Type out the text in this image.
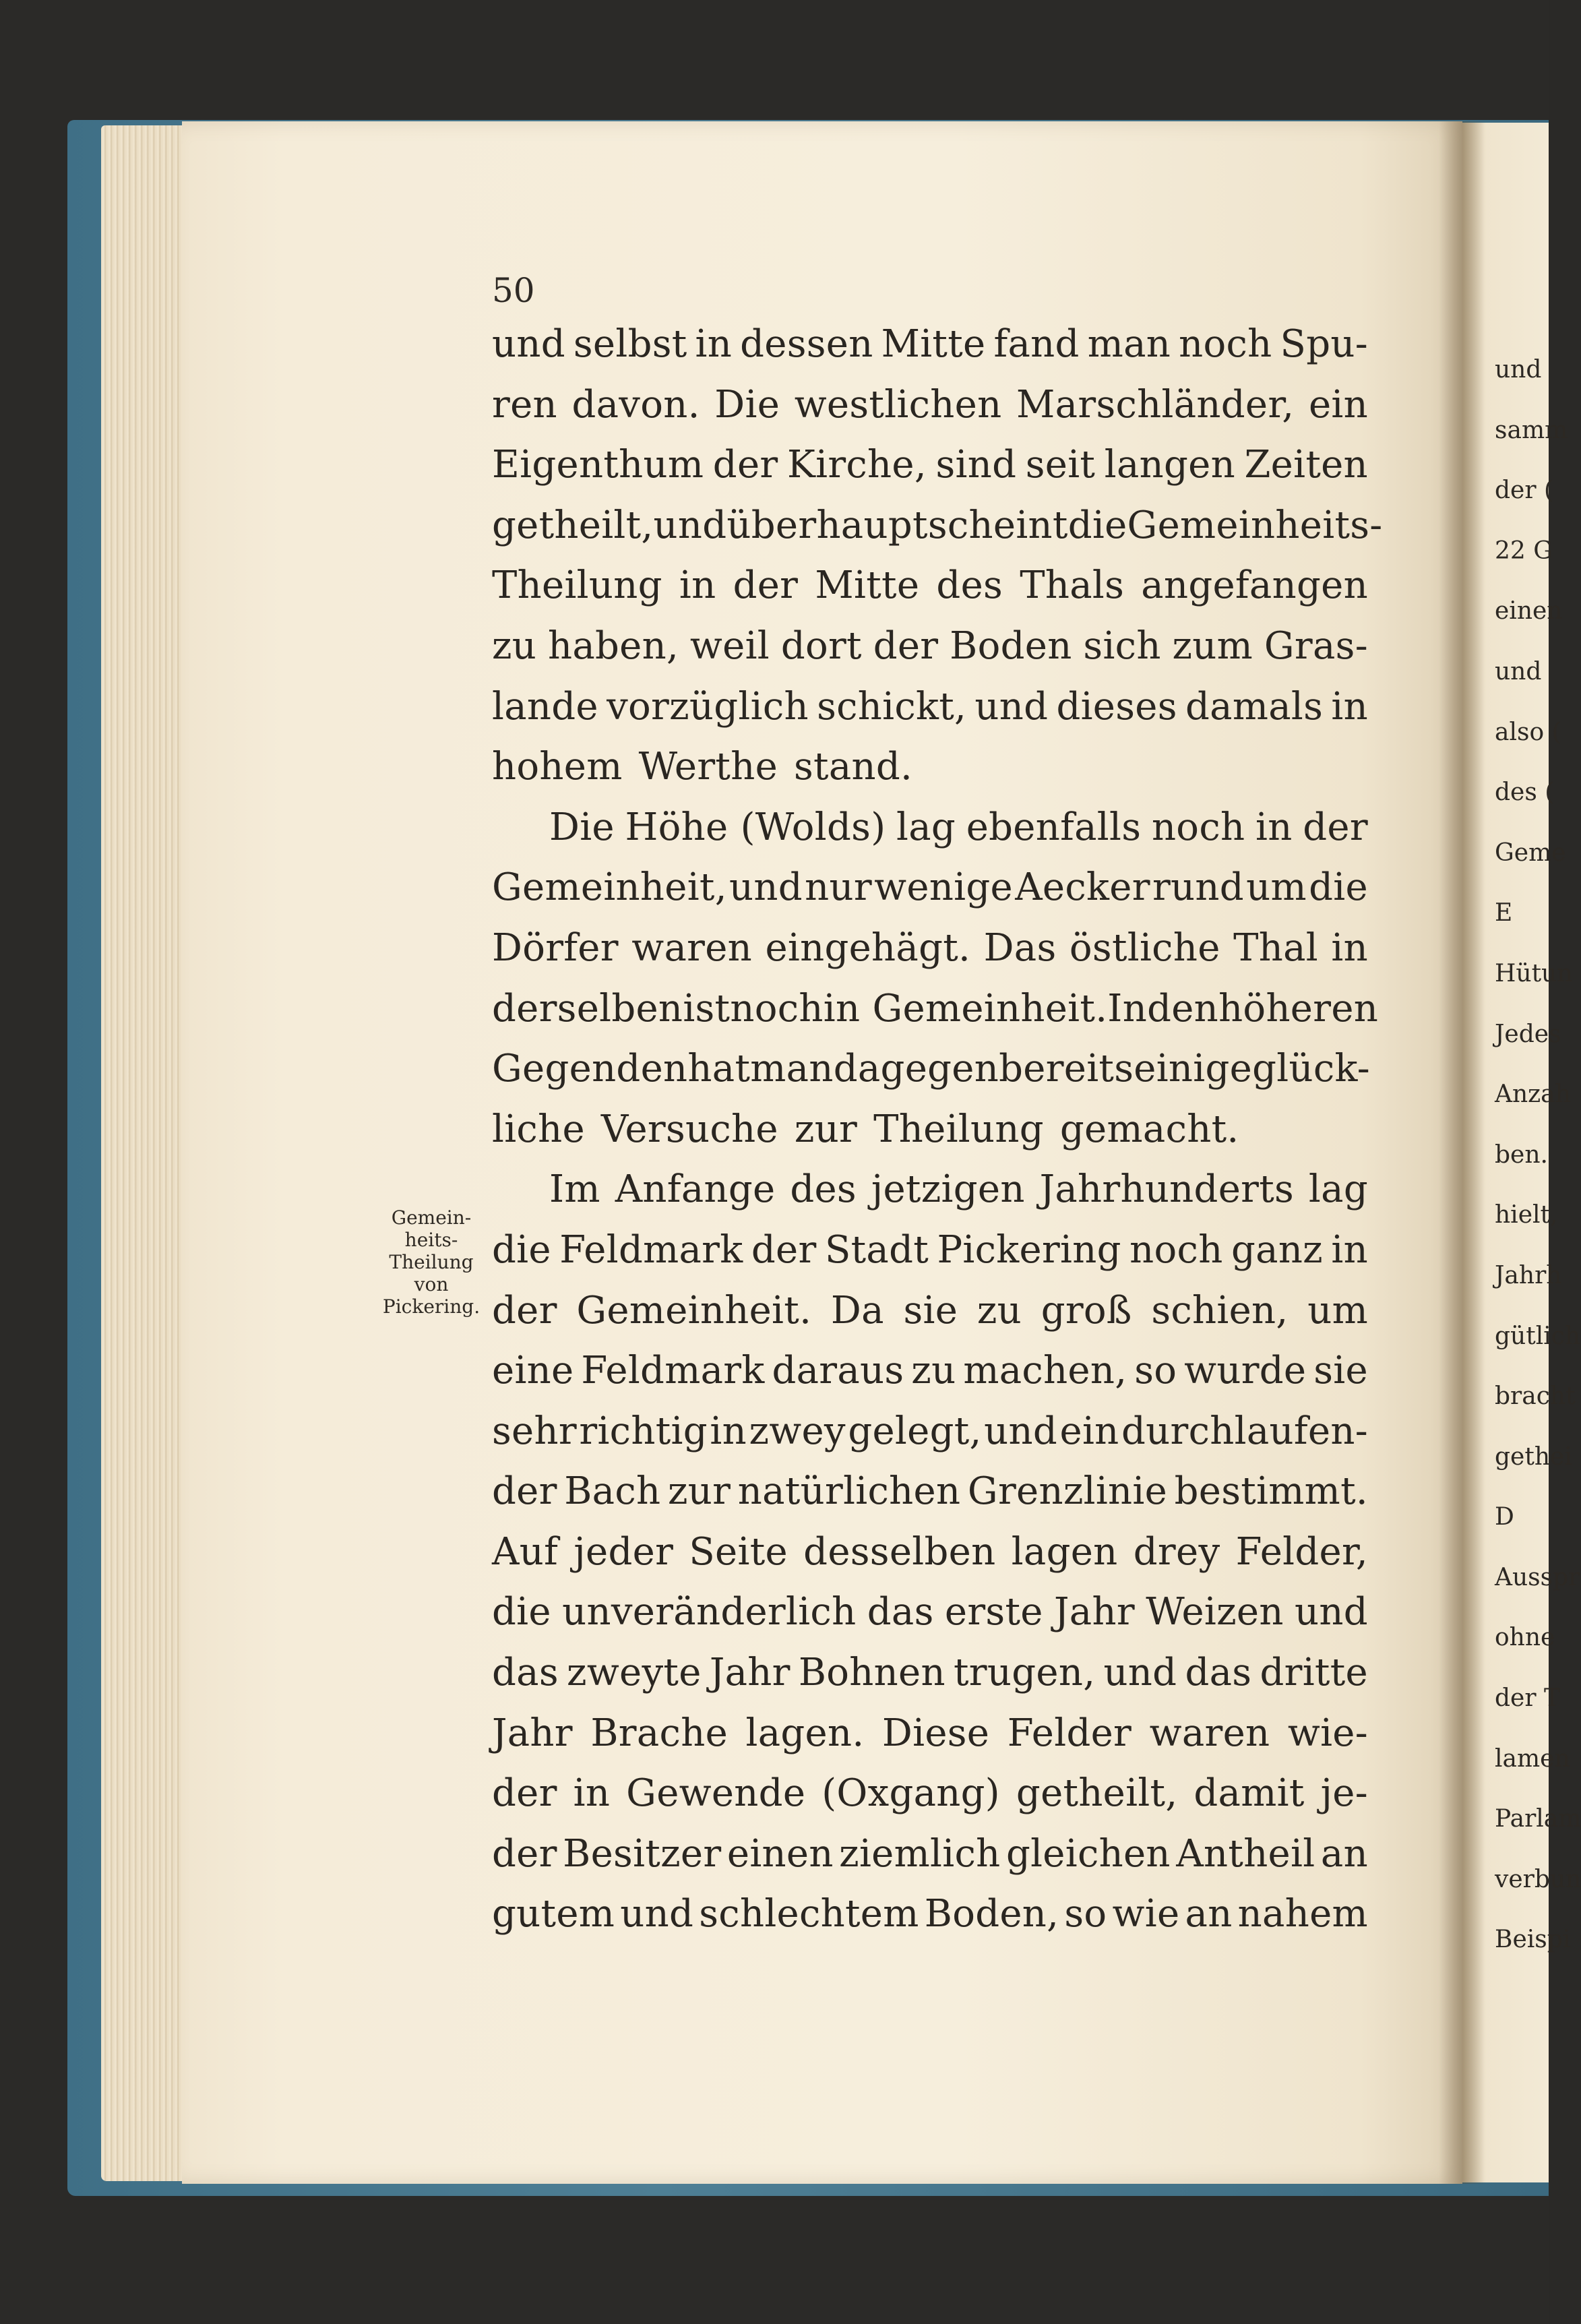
50
und selbst in dessen Mitte fand man noch Spu-
ren davon. Die westlichen Marschländer, ein
Eigenthum der Kirche, sind seit langen Zeiten
getheilt, und überhaupt scheint die Gemeinheits-
Theilung in der Mitte des Thals angefangen
zu haben, weil dort der Boden sich zum Gras-
lande vorzüglich schickt, und dieses damals in
hohem Werthe stand.
Die Höhe (Wolds) lag ebenfalls noch in der
Gemeinheit, und nur wenige Aecker rund um die
Dörfer waren eingehägt. Das östliche Thal in
derselben ist noch in Gemeinheit. In den höheren
Gegenden hat man dagegen bereits einige glück-
liche Versuche zur Theilung gemacht.
Im Anfange des jetzigen Jahrhunderts lag
die Feldmark der Stadt Pickering noch ganz in
der Gemeinheit. Da sie zu groß schien, um
eine Feldmark daraus zu machen, so wurde sie
sehr richtig in zwey gelegt, und ein durchlaufen-
der Bach zur natürlichen Grenzlinie bestimmt.
Auf jeder Seite desselben lagen drey Felder,
die unveränderlich das erste Jahr Weizen und
das zweyte Jahr Bohnen trugen, und das dritte
Jahr Brache lagen. Diese Felder waren wie-
der in Gewende (Oxgang) getheilt, damit je-
der Besitzer einen ziemlich gleichen Antheil an
gutem und schlechtem Boden, so wie an nahem
Gemein-
heits-
Theilung
von
Pickering.
und
samm
der (
22 G
einen
und
also (
des (
Geme
E
Hütun
Jedes
Anzah
ben.
hielt,
Jahrh
gütlich
bracht
gethei
D
Ausspr
ohne
der T
lamen
Parlam
verbun
Beispi
